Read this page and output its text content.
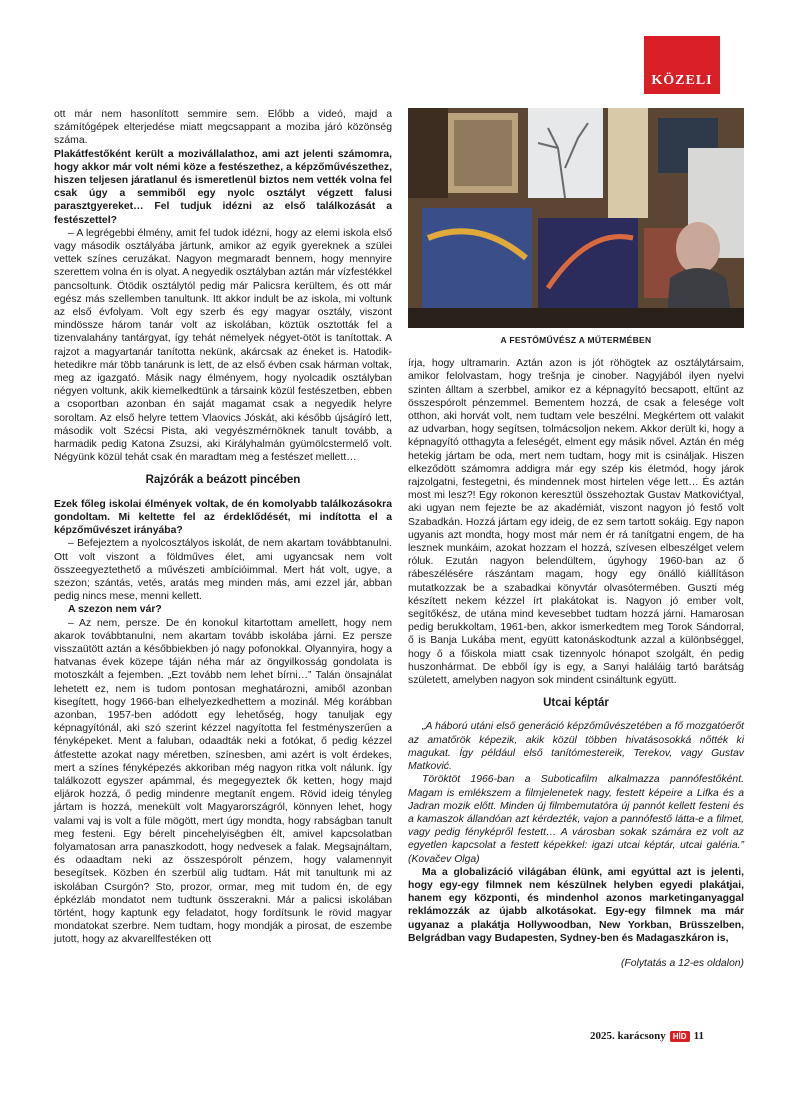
KÖZELI

ott már nem hasonlított semmire sem. Előbb a videó, majd a számítógépek elterjedése miatt megcsappant a moziba járó közönség száma.

Plakátfestőként került a mozivállalathoz, ami azt jelenti számomra, hogy akkor már volt némi köze a festészethez, a képzőművészethez, hiszen teljesen járatlanul és ismeretlenül biztos nem vették volna fel csak úgy a semmiből egy nyolc osztályt végzett falusi parasztgyereket… Fel tudjuk idézni az első találkozását a festészettel?

– A legrégebbi élmény, amit fel tudok idézni, hogy az elemi iskola első vagy második osztályába jártunk, amikor az egyik gyereknek a szülei vettek színes ceruzákat. Nagyon megmaradt bennem, hogy mennyire szerettem volna én is olyat. A negyedik osztályban aztán már vízfestékkel pancsoltunk. Ötödik osztálytól pedig már Palicsra kerültem, és ott már egész más szellemben tanultunk. Itt akkor indult be az iskola, mi voltunk az első évfolyam. Volt egy szerb és egy magyar osztály, viszont mindössze három tanár volt az iskolában, köztük osztották fel a tizenvalahány tantárgyat, így tehát némelyek négyet-ötöt is tanítottak. A rajzot a magyartanár tanította nekünk, akárcsak az éneket is. Hatodik-hetedikre már több tanárunk is lett, de az első évben csak hárman voltak, meg az igazgató. Másik nagy élményem, hogy nyolcadik osztályban négyen voltunk, akik kiemelkedtünk a társaink közül festészetben, ebben a csoportban azonban én saját magamat csak a negyedik helyre soroltam. Az első helyre tettem Vlaovics Jóskát, aki később újságíró lett, második volt Szécsi Pista, aki vegyészmérnöknek tanult tovább, a harmadik pedig Katona Zsuzsi, aki Királyhalmán gyümölcstermelő volt. Négyünk közül tehát csak én maradtam meg a festészet mellett…

Rajzórák a beázott pincében

Ezek főleg iskolai élmények voltak, de én komolyabb találkozásokra gondoltam. Mi keltette fel az érdeklődését, mi indította el a képzőművészet irányába?

– Befejeztem a nyolcosztályos iskolát, de nem akartam továbbtanulni. Ott volt viszont a földműves élet, ami ugyancsak nem volt összeegyeztethető a művészeti ambícióimmal. Mert hát volt, ugye, a szezon; szántás, vetés, aratás meg minden más, ami ezzel jár, abban pedig nincs mese, menni kellett.

A szezon nem vár?

– Az nem, persze. De én konokul kitartottam amellett, hogy nem akarok továbbtanulni, nem akartam tovább iskolába járni. Ez persze visszaütött aztán a későbbiekben jó nagy pofonokkal. Olyannyira, hogy a hatvanas évek közepe táján néha már az öngyilkosság gondolata is motoszkált a fejemben. „Ezt tovább nem lehet bírni…” Talán önsajnálat lehetett ez, nem is tudom pontosan meghatározni, amiből azonban kisegített, hogy 1966-ban elhelyezkedhettem a mozinál. Még korábban azonban, 1957-ben adódott egy lehetőség, hogy tanuljak egy képnagyítónál, aki szó szerint kézzel nagyította fel festményszerűen a fényképeket. Ment a faluban, odaadták neki a fotókat, ő pedig kézzel átfestette azokat nagy méretben, színesben, ami azért is volt érdekes, mert a színes fényképezés akkoriban még nagyon ritka volt nálunk. Így találkozott egyszer apámmal, és megegyeztek ők ketten, hogy majd eljárok hozzá, ő pedig mindenre megtanít engem. Rövid ideig tényleg jártam is hozzá, menekült volt Magyarországról, könnyen lehet, hogy valami vaj is volt a füle mögött, mert úgy mondta, hogy rabságban tanult meg festeni. Egy bérelt pincehelyiségben élt, amivel kapcsolatban folyamatosan arra panaszkodott, hogy nedvesek a falak. Megsajnáltam, és odaadtam neki az összespórolt pénzem, hogy valamennyit besegítsek. Közben én szerbül alig tudtam. Hát mit tanultunk mi az iskolában Csurgón? Sto, prozor, ormar, meg mit tudom én, de egy épkézláb mondatot nem tudtunk összerakni. Már a palicsi iskolában történt, hogy kaptunk egy feladatot, hogy fordítsunk le rövid magyar mondatokat szerbre. Nem tudtam, hogy mondják a pirosat, de eszembe jutott, hogy az akvarellfestéken ott

A FESTŐMŰVÉSZ A MŰTERMÉBEN

írja, hogy ultramarin. Aztán azon is jót röhögtek az osztálytársaim, amikor felolvastam, hogy trešnja je cinober. Nagyjából ilyen nyelvi szinten álltam a szerbbel, amikor ez a képnagyító becsapott, eltűnt az összespórolt pénzemmel. Bementem hozzá, de csak a felesége volt otthon, aki horvát volt, nem tudtam vele beszélni. Megkértem ott valakit az udvarban, hogy segítsen, tolmácsoljon nekem. Akkor derült ki, hogy a képnagyító otthagyta a feleségét, elment egy másik nővel. Aztán én még hetekig jártam be oda, mert nem tudtam, hogy mit is csináljak. Hiszen elkeződött számomra addigra már egy szép kis életmód, hogy járok rajzolgatni, festegetni, és mindennek most hirtelen vége lett… És aztán most mi lesz?! Egy rokonon keresztül összehoztak Gustav Matkovićtyal, aki ugyan nem fejezte be az akadémiát, viszont nagyon jó festő volt Szabadkán. Hozzá jártam egy ideig, de ez sem tartott sokáig. Egy napon ugyanis azt mondta, hogy most már nem ér rá tanítgatni engem, de ha lesznek munkáim, azokat hozzam el hozzá, szívesen elbeszélget velem róluk. Ezután nagyon belendültem, úgyhogy 1960-ban az ő rábeszélésére rászántam magam, hogy egy önálló kiállításon mutatkozzak be a szabadkai könyvtár olvasótermében. Guszti még készített nekem kézzel írt plakátokat is. Nagyon jó ember volt, segítőkész, de utána mind kevesebbet tudtam hozzá járni. Hamarosan pedig berukkoltam, 1961-ben, akkor ismerkedtem meg Torok Sándorral, ő is Banja Lukába ment, együtt katonáskodtunk azzal a különbséggel, hogy ő a főiskola miatt csak tizennyolc hónapot szolgált, én pedig huszonhármat. De ebből így is egy, a Sanyi haláláig tartó barátság született, amelyben nagyon sok mindent csináltunk együtt.

Utcai képtár

„A háború utáni első generáció képzőművészetében a fő mozgatóerőt az amatőrök képezik, akik közül többen hivatásosokká nőtték ki magukat. Így például első tanítómestereik, Terekov, vagy Gustav Matković.

Töröktöt 1966-ban a Suboticafilm alkalmazza pannófestőként. Magam is emlékszem a filmjelenetek nagy, festett képeire a Lifka és a Jadran mozik előtt. Minden új filmbemutatóra új pannót kellett festeni és a kamaszok állandóan azt kérdezték, vajon a pannófestő látta-e a filmet, vagy pedig fényképről festett… A városban sokak számára ez volt az egyetlen kapcsolat a festett képekkel: igazi utcai képtár, utcai galéria.” (Kovačev Olga)

Ma a globalizáció világában élünk, ami egyúttal azt is jelenti, hogy egy-egy filmnek nem készülnek helyben egyedi plakátjai, hanem egy központi, és mindenhol azonos marketinganyaggal reklámozzák az újabb alkotásokat. Egy-egy filmnek ma már ugyanaz a plakátja Hollywoodban, New Yorkban, Brüsszelben, Belgrádban vagy Budapesten, Sydney-ben és Madagaszkáron is,

(Folytatás a 12-es oldalon)

2025. karácsony HÍD 11
